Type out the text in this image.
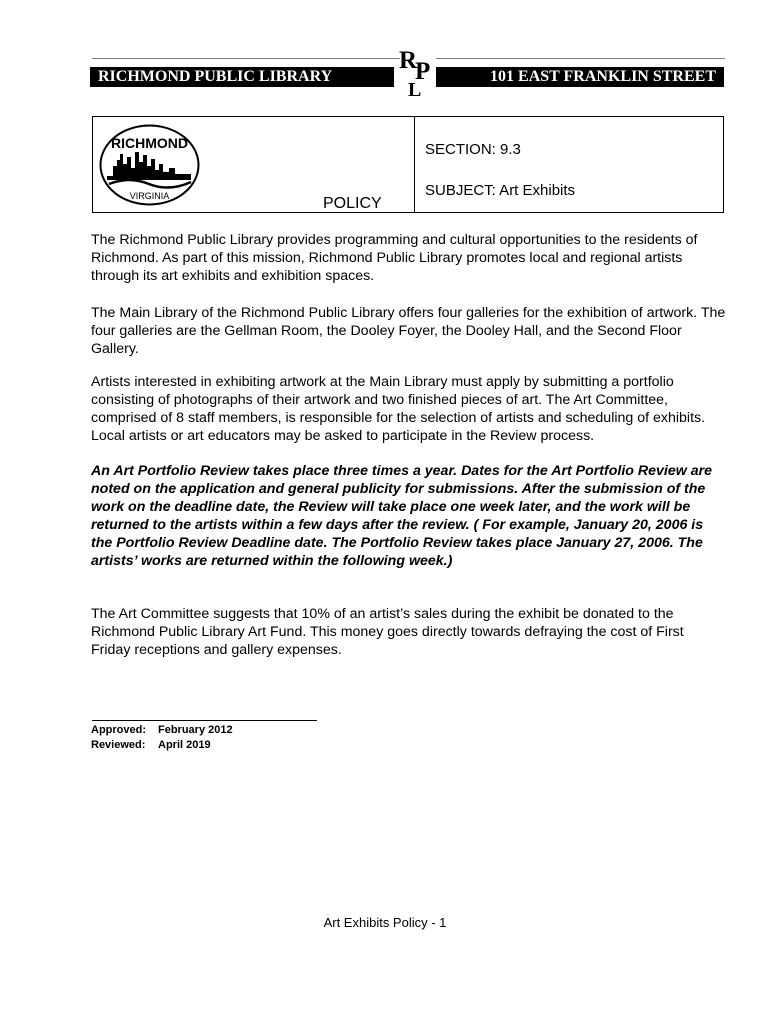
RICHMOND PUBLIC LIBRARY	101 EAST FRANKLIN STREET
R
P
L
RICHMOND
VIRGINIA	POLICY
SECTION: 9.3
SUBJECT: Art Exhibits

The Richmond Public Library provides programming and cultural opportunities to the residents of Richmond. As part of this mission, Richmond Public Library promotes local and regional artists through its art exhibits and exhibition spaces.

The Main Library of the Richmond Public Library offers four galleries for the exhibition of artwork. The four galleries are the Gellman Room, the Dooley Foyer, the Dooley Hall, and the Second Floor Gallery.

Artists interested in exhibiting artwork at the Main Library must apply by submitting a portfolio consisting of photographs of their artwork and two finished pieces of art. The Art Committee, comprised of 8 staff members, is responsible for the selection of artists and scheduling of exhibits. Local artists or art educators may be asked to participate in the Review process.

An Art Portfolio Review takes place three times a year. Dates for the Art Portfolio Review are noted on the application and general publicity for submissions. After the submission of the work on the deadline date, the Review will take place one week later, and the work will be returned to the artists within a few days after the review. ( For example, January 20, 2006 is the Portfolio Review Deadline date. The Portfolio Review takes place January 27, 2006. The artists’ works are returned within the following week.)

The Art Committee suggests that 10% of an artist’s sales during the exhibit be donated to the Richmond Public Library Art Fund. This money goes directly towards defraying the cost of First Friday receptions and gallery expenses.

Approved: February 2012
Reviewed: April 2019
Art Exhibits Policy - 1
